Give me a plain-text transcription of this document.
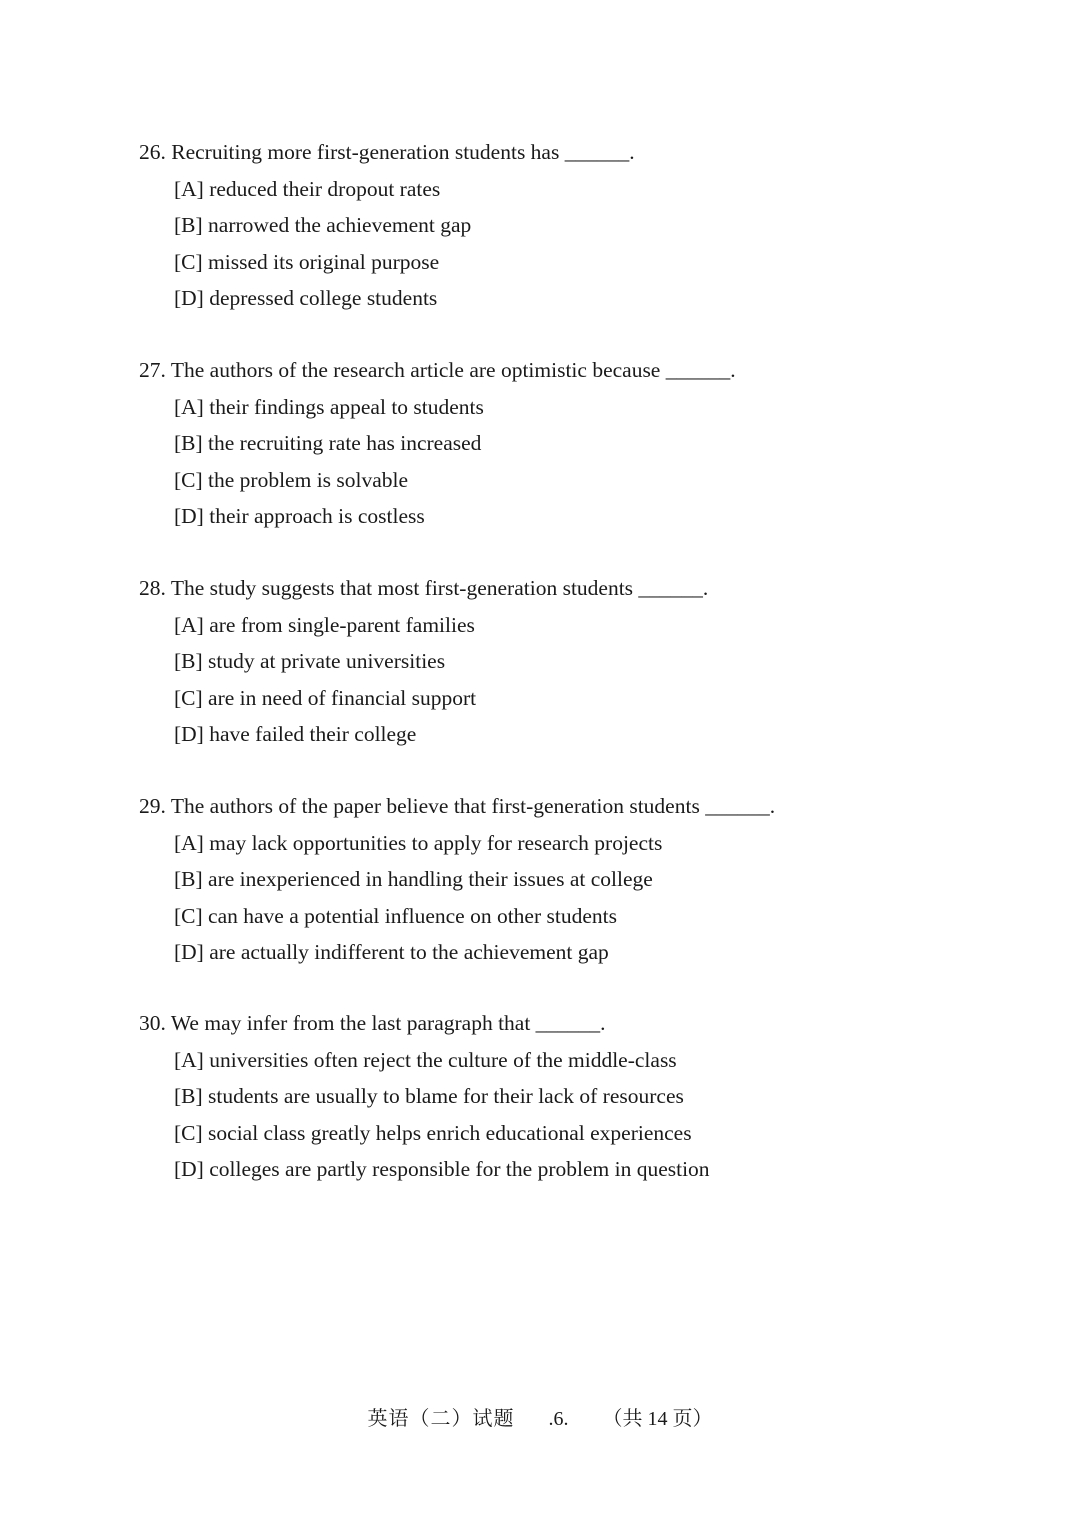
26. Recruiting more first-generation students has ______.
[A] reduced their dropout rates
[B] narrowed the achievement gap
[C] missed its original purpose
[D] depressed college students
27. The authors of the research article are optimistic because ______.
[A] their findings appeal to students
[B] the recruiting rate has increased
[C] the problem is solvable
[D] their approach is costless
28. The study suggests that most first-generation students ______.
[A] are from single-parent families
[B] study at private universities
[C] are in need of financial support
[D] have failed their college
29. The authors of the paper believe that first-generation students ______.
[A] may lack opportunities to apply for research projects
[B] are inexperienced in handling their issues at college
[C] can have a potential influence on other students
[D] are actually indifferent to the achievement gap
30. We may infer from the last paragraph that ______.
[A] universities often reject the culture of the middle-class
[B] students are usually to blame for their lack of resources
[C] social class greatly helps enrich educational experiences
[D] colleges are partly responsible for the problem in question
英语（二）试题 .6. （共 14 页）
